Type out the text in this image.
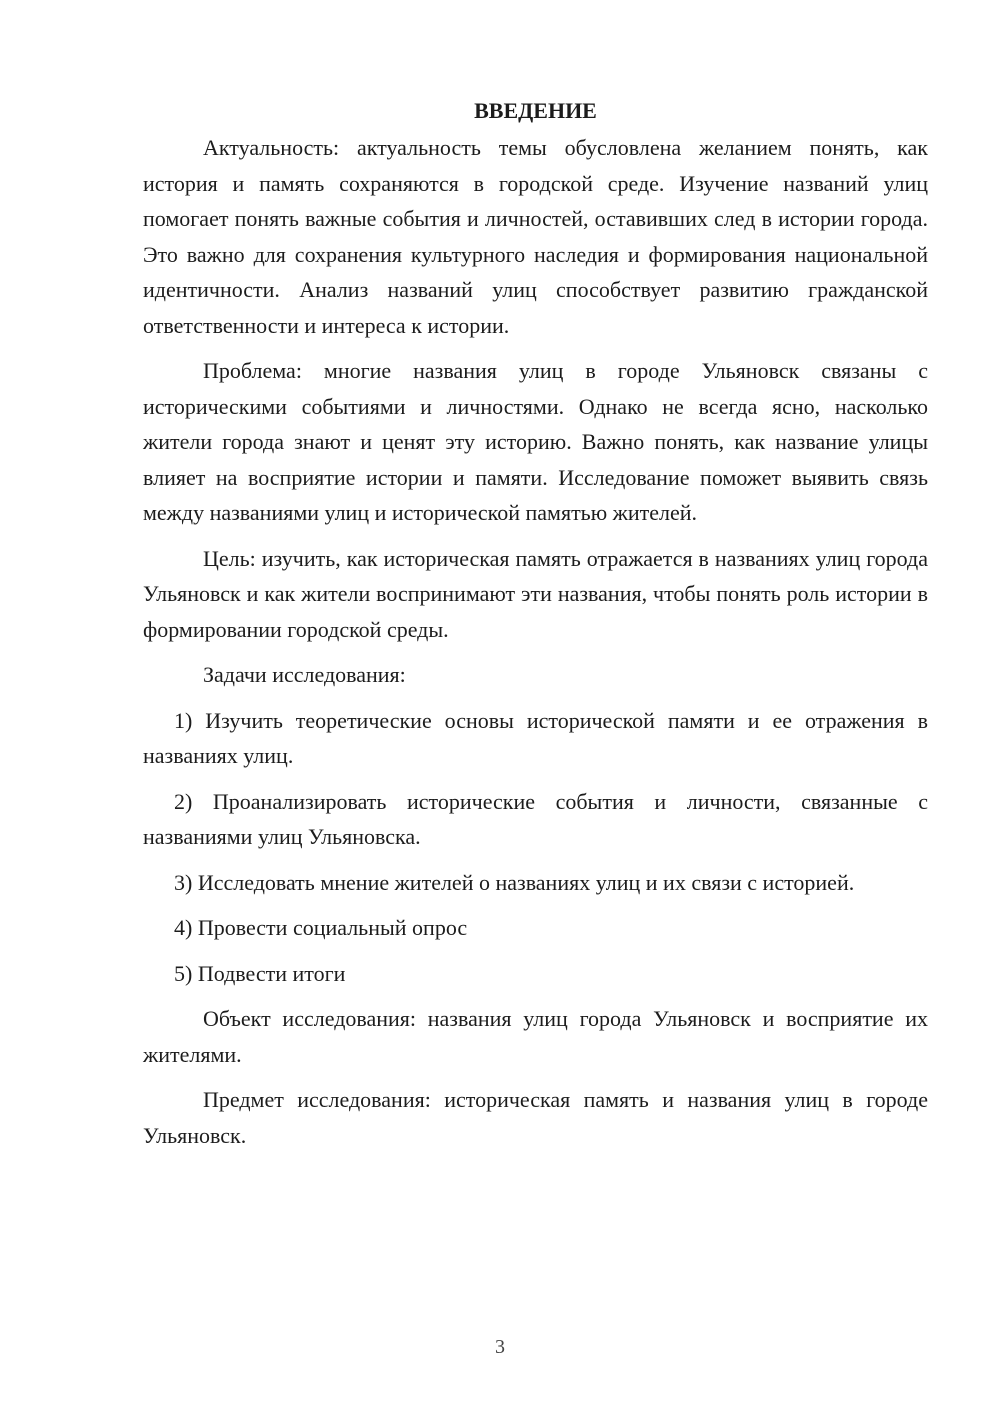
ВВЕДЕНИЕ

Актуальность: актуальность темы обусловлена желанием понять, как история и память сохраняются в городской среде. Изучение названий улиц помогает понять важные события и личностей, оставивших след в истории города. Это важно для сохранения культурного наследия и формирования национальной идентичности. Анализ названий улиц способствует развитию гражданской ответственности и интереса к истории.

Проблема: многие названия улиц в городе Ульяновск связаны с историческими событиями и личностями. Однако не всегда ясно, насколько жители города знают и ценят эту историю. Важно понять, как название улицы влияет на восприятие истории и памяти. Исследование поможет выявить связь между названиями улиц и исторической памятью жителей.

Цель: изучить, как историческая память отражается в названиях улиц города Ульяновск и как жители воспринимают эти названия, чтобы понять роль истории в формировании городской среды.

Задачи исследования:

1) Изучить теоретические основы исторической памяти и ее отражения в названиях улиц.

2) Проанализировать исторические события и личности, связанные с названиями улиц Ульяновска.

3) Исследовать мнение жителей о названиях улиц и их связи с историей.

4) Провести социальный опрос

5) Подвести итоги

Объект исследования: названия улиц города Ульяновск и восприятие их жителями.

Предмет исследования: историческая память и названия улиц в городе Ульяновск.

3
